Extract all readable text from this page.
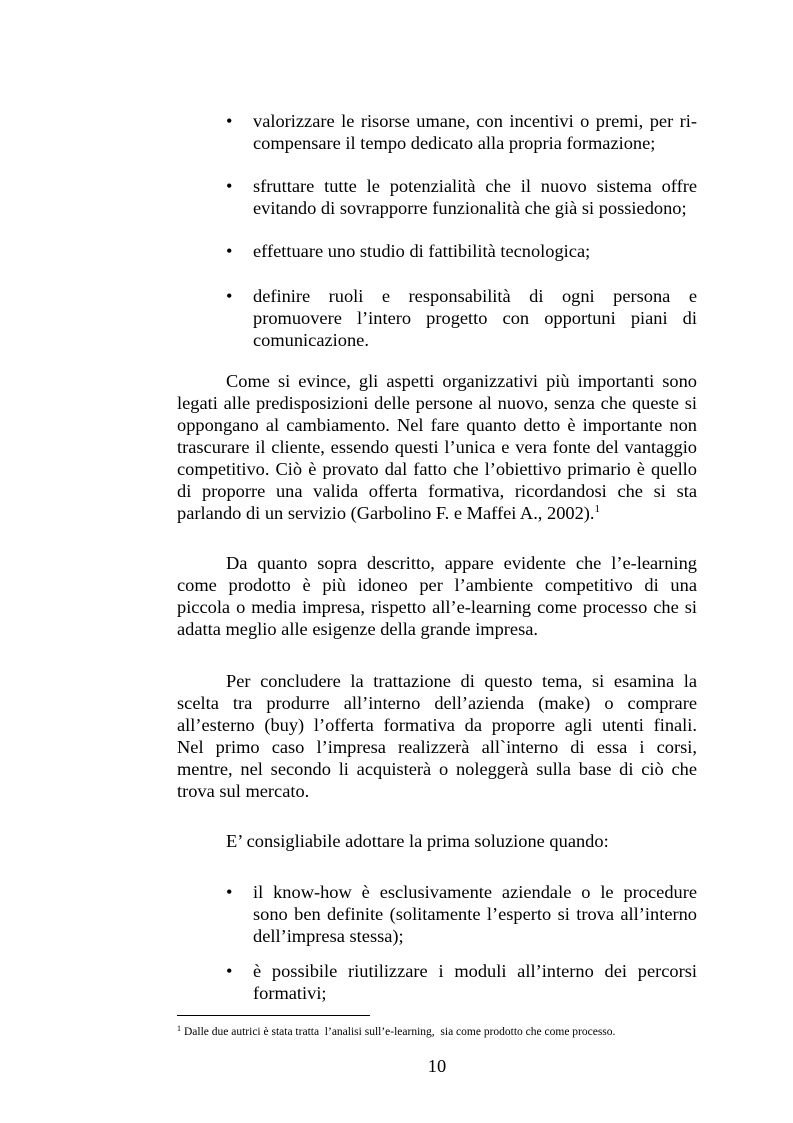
• valorizzare le risorse umane, con incentivi o premi, per ri-
compensare il tempo dedicato alla propria formazione;
• sfruttare tutte le potenzialità che il nuovo sistema offre
evitando di sovrapporre funzionalità che già si possiedono;
• effettuare uno studio di fattibilità tecnologica;
• definire ruoli e responsabilità di ogni persona e
promuovere l’intero progetto con opportuni piani di
comunicazione.
Come si evince, gli aspetti organizzativi più importanti sono
legati alle predisposizioni delle persone al nuovo, senza che queste si
oppongano al cambiamento. Nel fare quanto detto è importante non
trascurare il cliente, essendo questi l’unica e vera fonte del vantaggio
competitivo. Ciò è provato dal fatto che l’obiettivo primario è quello
di proporre una valida offerta formativa, ricordandosi che si sta
parlando di un servizio (Garbolino F. e Maffei A., 2002).$^1$
Da quanto sopra descritto, appare evidente che l’e-learning
come prodotto è più idoneo per l’ambiente competitivo di una
piccola o media impresa, rispetto all’e-learning come processo che si
adatta meglio alle esigenze della grande impresa.
Per concludere la trattazione di questo tema, si esamina la
scelta tra produrre all’interno dell’azienda (make) o comprare
all’esterno (buy) l’offerta formativa da proporre agli utenti finali.
Nel primo caso l’impresa realizzerà all`interno di essa i corsi,
mentre, nel secondo li acquisterà o noleggerà sulla base di ciò che
trova sul mercato.
E’ consigliabile adottare la prima soluzione quando:
• il know-how è esclusivamente aziendale o le procedure
sono ben definite (solitamente l’esperto si trova all’interno
dell’impresa stessa);
• è possibile riutilizzare i moduli all’interno dei percorsi
formativi;
$^1$ Dalle due autrici è stata tratta  l’analisi sull’e-learning,  sia come prodotto che come processo.
10
